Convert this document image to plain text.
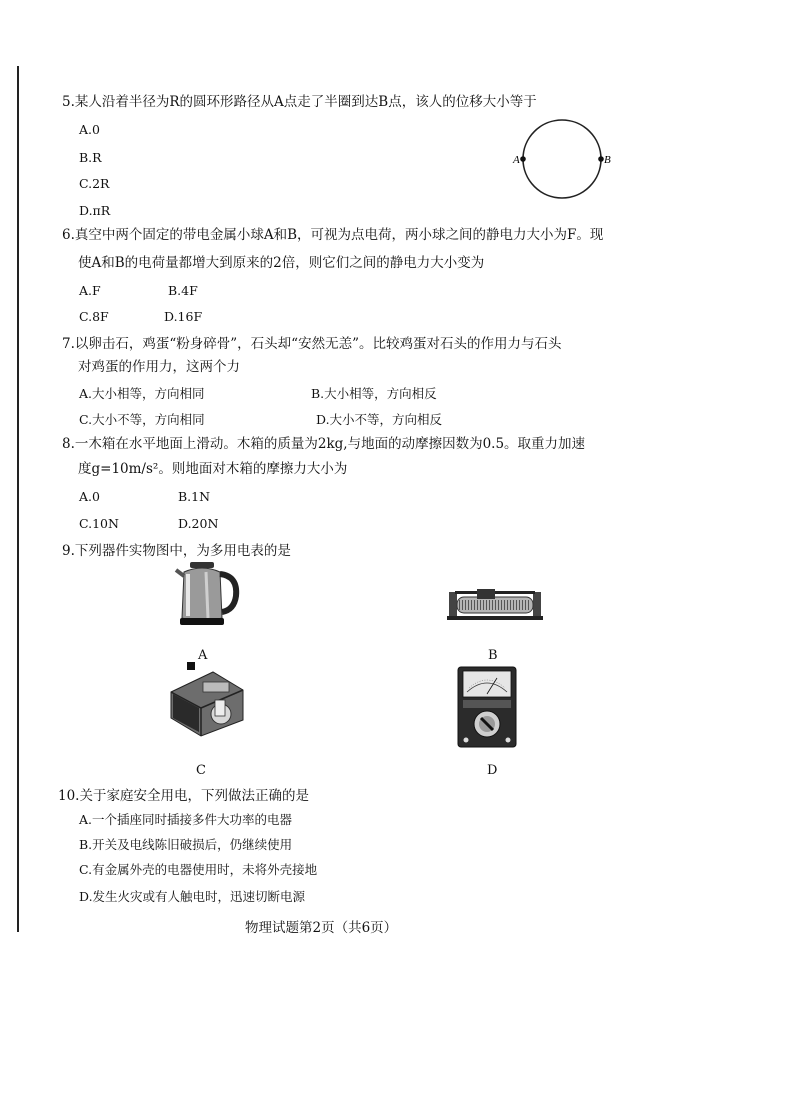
5.某人沿着半径为R的圆环形路径从A点走了半圈到达B点，该人的位移大小等于
A.0
B.R
C.2R
D.πR
A	B
6.真空中两个固定的带电金属小球A和B，可视为点电荷，两小球之间的静电力大小为F。现
使A和B的电荷量都增大到原来的2倍，则它们之间的静电力大小变为
A.F	B.4F
C.8F	D.16F
7.以卵击石，鸡蛋“粉身碎骨”，石头却“安然无恙”。比较鸡蛋对石头的作用力与石头
对鸡蛋的作用力，这两个力
A.大小相等，方向相同	B.大小相等，方向相反
C.大小不等，方向相同	D.大小不等，方向相反
8.一木箱在水平地面上滑动。木箱的质量为2kg,与地面的动摩擦因数为0.5。取重力加速
度g=10m/s²。则地面对木箱的摩擦力大小为
A.0	B.1N
C.10N	D.20N
9.下列器件实物图中，为多用电表的是
A	B
C	D
10.关于家庭安全用电，下列做法正确的是
A.一个插座同时插接多件大功率的电器
B.开关及电线陈旧破损后，仍继续使用
C.有金属外壳的电器使用时，未将外壳接地
D.发生火灾或有人触电时，迅速切断电源
物理试题第2页（共6页）
